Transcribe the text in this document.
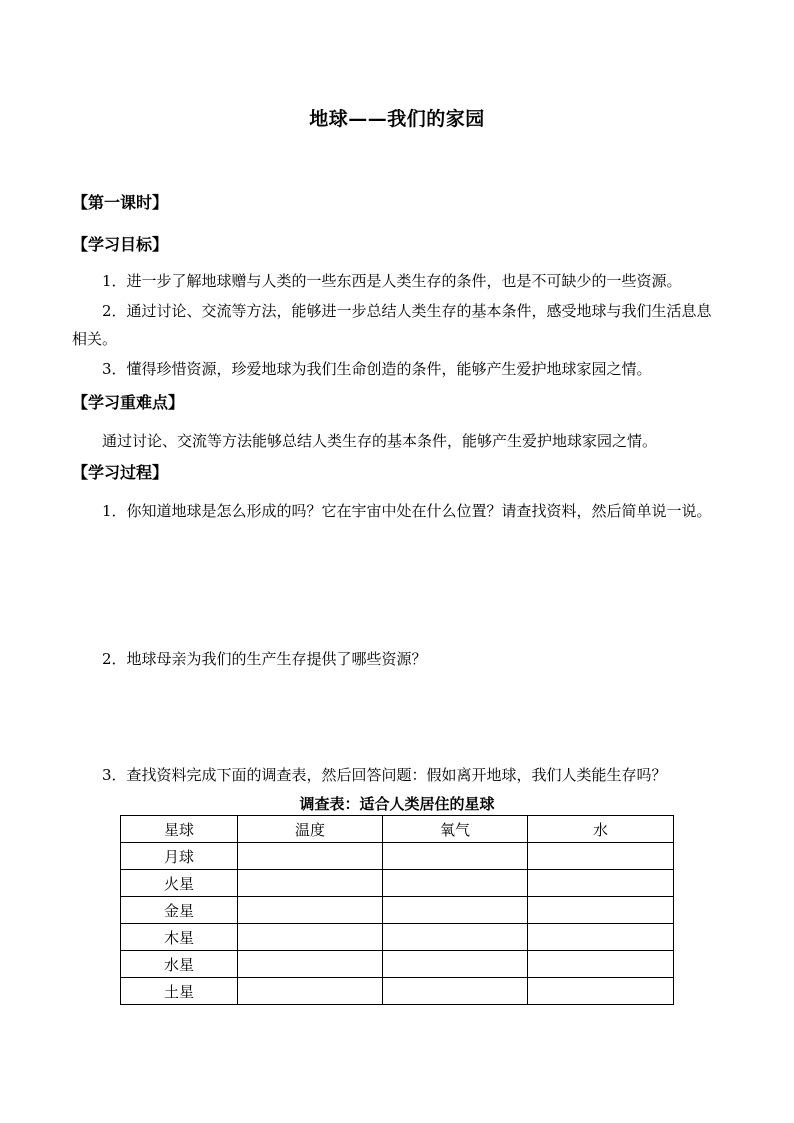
地球——我们的家园
【第一课时】
【学习目标】
1．进一步了解地球赠与人类的一些东西是人类生存的条件，也是不可缺少的一些资源。
2．通过讨论、交流等方法，能够进一步总结人类生存的基本条件，感受地球与我们生活息息相关。
3．懂得珍惜资源，珍爱地球为我们生命创造的条件，能够产生爱护地球家园之情。
【学习重难点】
通过讨论、交流等方法能够总结人类生存的基本条件，能够产生爱护地球家园之情。
【学习过程】
1．你知道地球是怎么形成的吗？它在宇宙中处在什么位置？请查找资料，然后简单说一说。
2．地球母亲为我们的生产生存提供了哪些资源？
3．查找资料完成下面的调查表，然后回答问题：假如离开地球，我们人类能生存吗？
调查表：适合人类居住的星球
星球	温度	氧气	水
月球			
火星			
金星			
木星			
水星			
土星			
